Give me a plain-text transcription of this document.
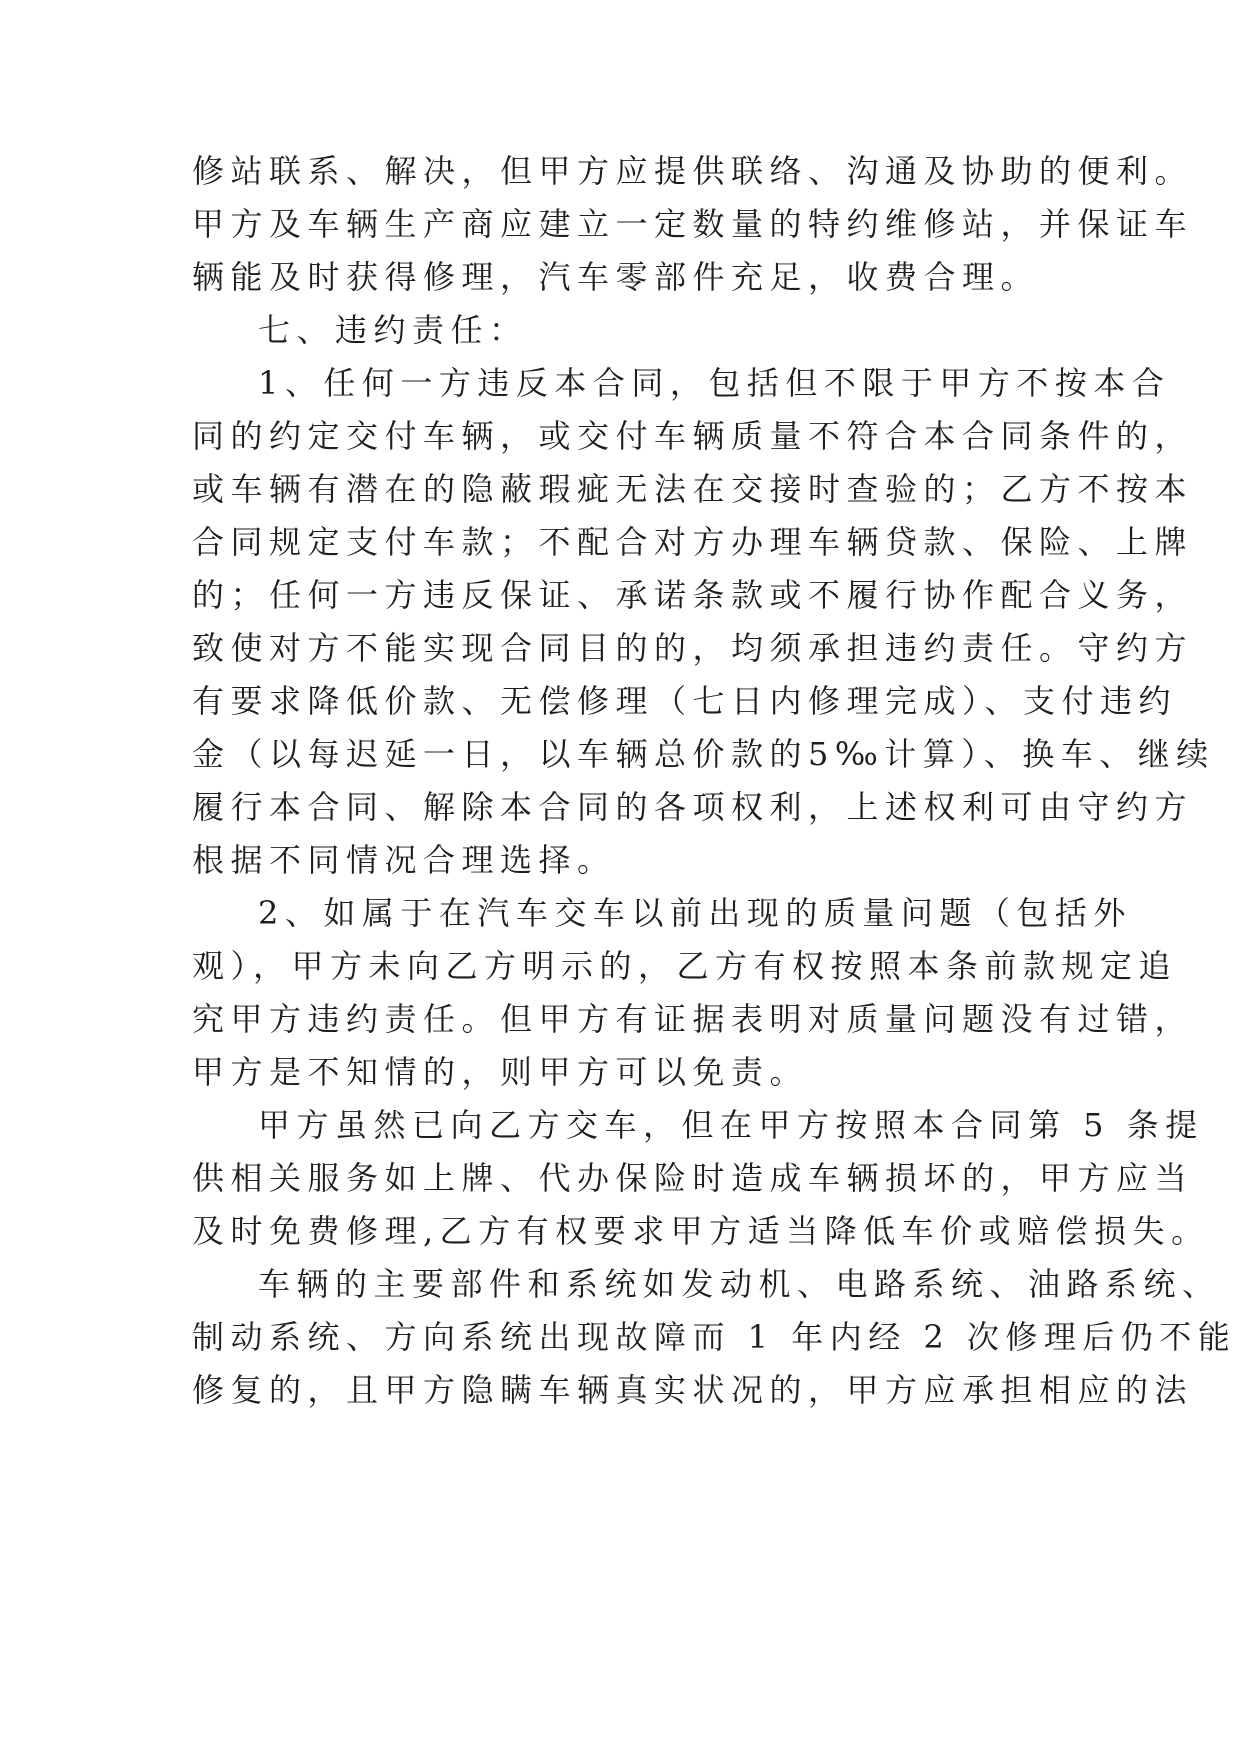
修站联系、解决，但甲方应提供联络、沟通及协助的便利。
甲方及车辆生产商应建立一定数量的特约维修站，并保证车
辆能及时获得修理，汽车零部件充足，收费合理。
七、违约责任：
1、任何一方违反本合同，包括但不限于甲方不按本合
同的约定交付车辆，或交付车辆质量不符合本合同条件的，
或车辆有潜在的隐蔽瑕疵无法在交接时查验的；乙方不按本
合同规定支付车款；不配合对方办理车辆贷款、保险、上牌
的；任何一方违反保证、承诺条款或不履行协作配合义务，
致使对方不能实现合同目的的，均须承担违约责任。守约方
有要求降低价款、无偿修理（七日内修理完成）、支付违约
金（以每迟延一日，以车辆总价款的5‰计算）、换车、继续
履行本合同、解除本合同的各项权利，上述权利可由守约方
根据不同情况合理选择。
2、如属于在汽车交车以前出现的质量问题（包括外
观），甲方未向乙方明示的，乙方有权按照本条前款规定追
究甲方违约责任。但甲方有证据表明对质量问题没有过错，
甲方是不知情的，则甲方可以免责。
甲方虽然已向乙方交车，但在甲方按照本合同第 5 条提
供相关服务如上牌、代办保险时造成车辆损坏的，甲方应当
及时免费修理,乙方有权要求甲方适当降低车价或赔偿损失。
车辆的主要部件和系统如发动机、电路系统、油路系统、
制动系统、方向系统出现故障而 1 年内经 2 次修理后仍不能
修复的，且甲方隐瞒车辆真实状况的，甲方应承担相应的法
